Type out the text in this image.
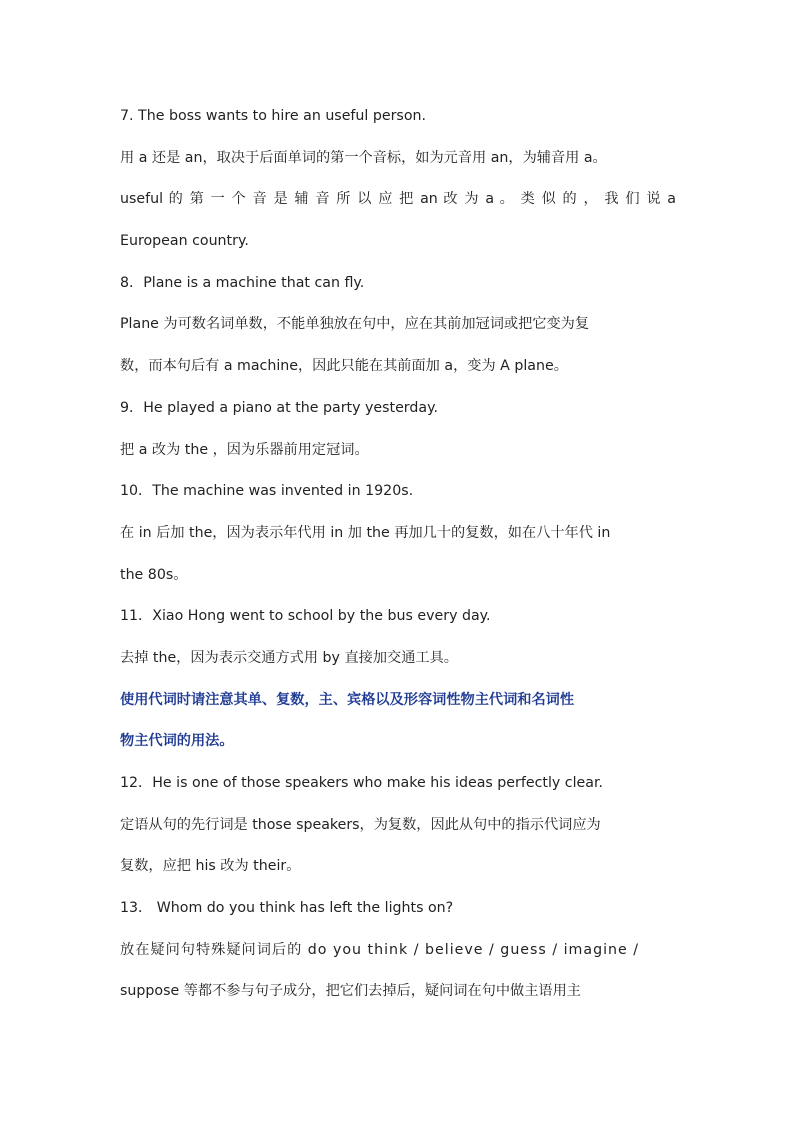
7. The boss wants to hire an useful person.
用 a 还是 an，取决于后面单词的第一个音标，如为元音用 an，为辅音用 a。
useful 的 第 一 个 音 是 辅 音 所 以 应 把 an 改 为 a 。 类 似 的 ， 我 们 说 a
European country.
8．Plane is a machine that can fly.
Plane 为可数名词单数，不能单独放在句中，应在其前加冠词或把它变为复
数，而本句后有 a machine，因此只能在其前面加 a，变为 A plane。
9．He played a piano at the party yesterday.
把 a 改为 the ，因为乐器前用定冠词。
10．The machine was invented in 1920s.
在 in 后加 the，因为表示年代用 in 加 the 再加几十的复数，如在八十年代 in
the 80s。
11．Xiao Hong went to school by the bus every day.
去掉 the，因为表示交通方式用 by 直接加交通工具。
使用代词时请注意其单、复数，主、宾格以及形容词性物主代词和名词性
物主代词的用法。
12．He is one of those speakers who make his ideas perfectly clear.
定语从句的先行词是 those speakers，为复数，因此从句中的指示代词应为
复数，应把 his 改为 their。
13． Whom do you think has left the lights on?
放在疑问句特殊疑问词后的 do you think / believe / guess / imagine /
suppose 等都不参与句子成分，把它们去掉后，疑问词在句中做主语用主
